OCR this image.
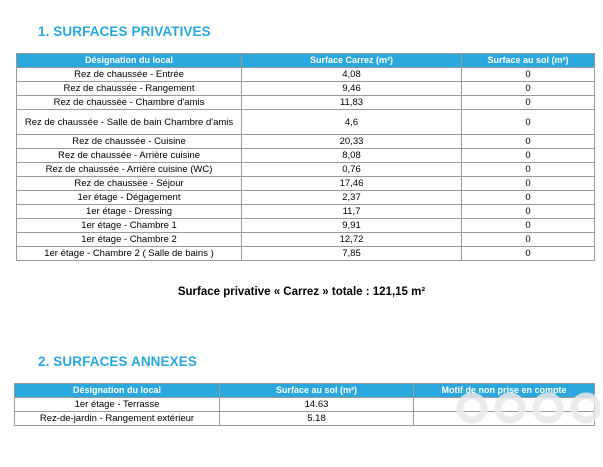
1. SURFACES PRIVATIVES
Désignation du local	Surface Carrez (m²)	Surface au sol (m²)
Rez de chaussée - Entrée	4,08	0
Rez de chaussée - Rangement	9,46	0
Rez de chaussée - Chambre d'amis	11,83	0
Rez de chaussée - Salle de bain Chambre d'amis	4,6	0
Rez de chaussée - Cuisine	20,33	0
Rez de chaussée - Arrière cuisine	8,08	0
Rez de chaussée - Arrière cuisine (WC)	0,76	0
Rez de chaussée - Séjour	17,46	0
1er étage - Dégagement	2,37	0
1er étage - Dressing	11,7	0
1er étage - Chambre 1	9,91	0
1er étage - Chambre 2	12,72	0
1er étage - Chambre 2 ( Salle de bains )	7,85	0
Surface privative « Carrez » totale : 121,15 m²
2. SURFACES ANNEXES
Désignation du local	Surface au sol (m²)	Motif de non prise en compte
1er étage - Terrasse	14.63	
Rez-de-jardin - Rangement extérieur	5.18	
